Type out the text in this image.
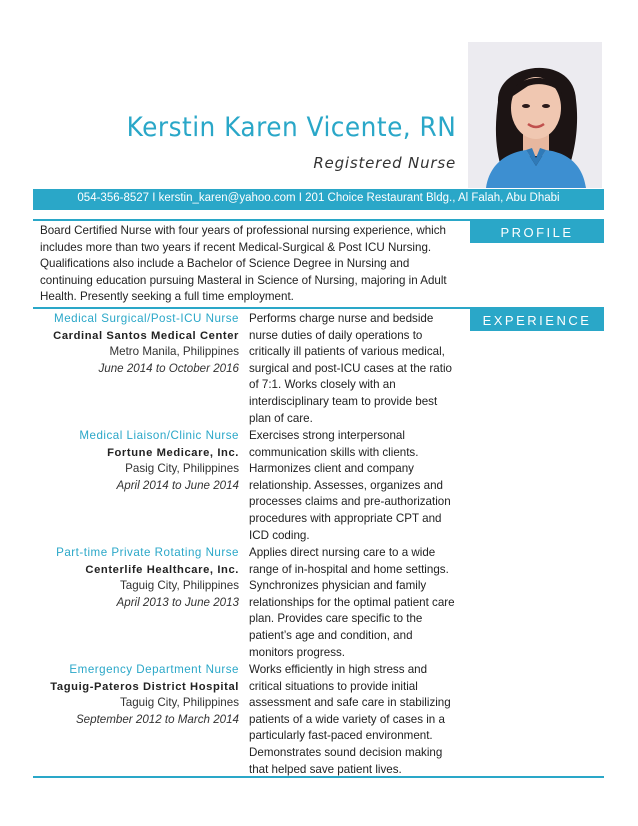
Kerstin Karen Vicente, RN
Registered Nurse
054-356-8527 I kerstin_karen@yahoo.com I 201 Choice Restaurant Bldg., Al Falah, Abu Dhabi
PROFILE
Board Certified Nurse with four years of professional nursing experience, which includes more than two years if recent Medical-Surgical & Post ICU Nursing. Qualifications also include a Bachelor of Science Degree in Nursing and continuing education pursuing Masteral in Science of Nursing, majoring in Adult Health. Presently seeking a full time employment.
EXPERIENCE
Medical Surgical/Post-ICU Nurse
Cardinal Santos Medical Center
Metro Manila, Philippines
June 2014 to October 2016
Performs charge nurse and bedside nurse duties of daily operations to critically ill patients of various medical, surgical and post-ICU cases at the ratio of 7:1. Works closely with an interdisciplinary team to provide best plan of care.
Medical Liaison/Clinic Nurse
Fortune Medicare, Inc.
Pasig City, Philippines
April 2014 to June 2014
Exercises strong interpersonal communication skills with clients. Harmonizes client and company relationship. Assesses, organizes and processes claims and pre-authorization procedures with appropriate CPT and ICD coding.
Part-time Private Rotating Nurse
Centerlife Healthcare, Inc.
Taguig City, Philippines
April 2013 to June 2013
Applies direct nursing care to a wide range of in-hospital and home settings. Synchronizes physician and family relationships for the optimal patient care plan. Provides care specific to the patient’s age and condition, and monitors progress.
Emergency Department Nurse
Taguig-Pateros District Hospital
Taguig City, Philippines
September 2012 to March 2014
Works efficiently in high stress and critical situations to provide initial assessment and safe care in stabilizing patients of a wide variety of cases in a particularly fast-paced environment. Demonstrates sound decision making that helped save patient lives.
